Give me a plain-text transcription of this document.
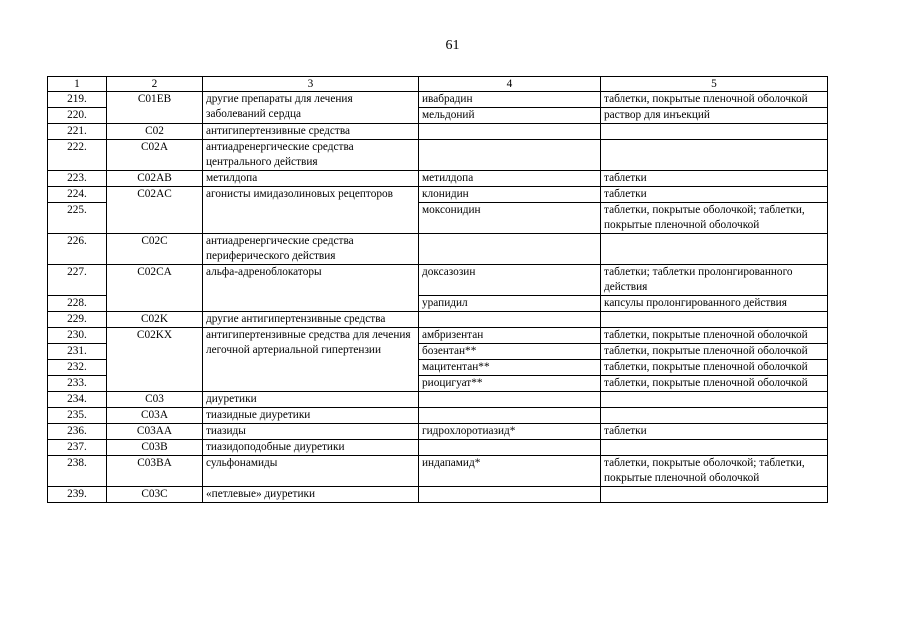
61
1	2	3	4	5
219.	C01EB	другие препараты для лечения заболеваний сердца	ивабрадин	таблетки, покрытые пленочной оболочкой
220.			мельдоний	раствор для инъекций
221.	C02	антигипертензивные средства		
222.	C02A	антиадренергические средства центрального действия		
223.	C02AB	метилдопа	метилдопа	таблетки
224.	C02AC	агонисты имидазолиновых рецепторов	клонидин	таблетки
225.			моксонидин	таблетки, покрытые оболочкой; таблетки, покрытые пленочной оболочкой
226.	C02C	антиадренергические средства периферического действия		
227.	C02CA	альфа-адреноблокаторы	доксазозин	таблетки; таблетки пролонгированного действия
228.			урапидил	капсулы пролонгированного действия
229.	C02K	другие антигипертензивные средства		
230.	C02KX	антигипертензивные средства для лечения легочной артериальной гипертензии	амбризентан	таблетки, покрытые пленочной оболочкой
231.			бозентан**	таблетки, покрытые пленочной оболочкой
232.			мацитентан**	таблетки, покрытые пленочной оболочкой
233.			риоцигуат**	таблетки, покрытые пленочной оболочкой
234.	C03	диуретики		
235.	C03A	тиазидные диуретики		
236.	C03AA	тиазиды	гидрохлоротиазид*	таблетки
237.	C03B	тиазидоподобные диуретики		
238.	C03BA	сульфонамиды	индапамид*	таблетки, покрытые оболочкой; таблетки, покрытые пленочной оболочкой
239.	C03C	«петлевые» диуретики		
